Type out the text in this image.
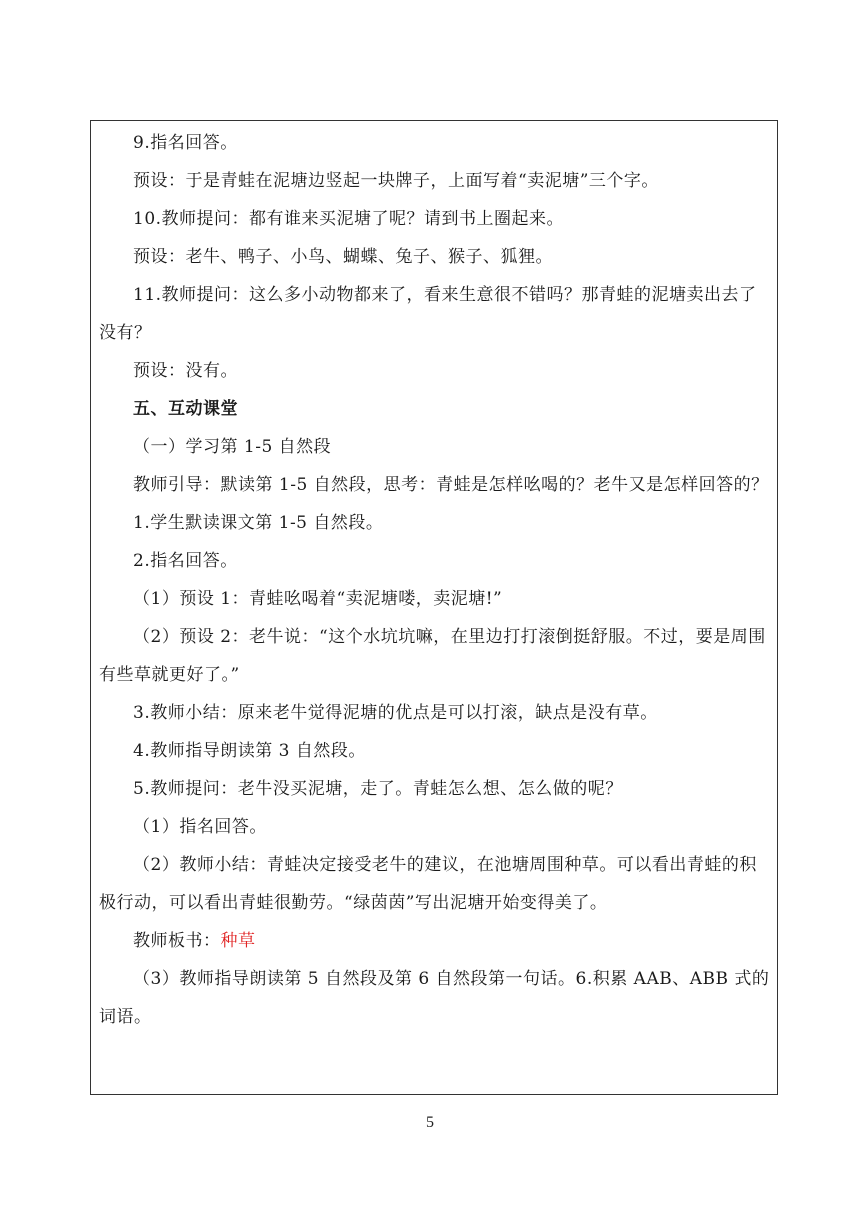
9.指名回答。

预设：于是青蛙在泥塘边竖起一块牌子，上面写着“卖泥塘”三个字。

10.教师提问：都有谁来买泥塘了呢？请到书上圈起来。

预设：老牛、鸭子、小鸟、蝴蝶、兔子、猴子、狐狸。

11.教师提问：这么多小动物都来了，看来生意很不错吗？那青蛙的泥塘卖出去了没有？

预设：没有。

五、互动课堂

（一）学习第 1-5 自然段

教师引导：默读第 1-5 自然段，思考：青蛙是怎样吆喝的？老牛又是怎样回答的？

1.学生默读课文第 1-5 自然段。

2.指名回答。

（1）预设 1：青蛙吆喝着“卖泥塘喽，卖泥塘!”

（2）预设 2：老牛说：“这个水坑坑嘛，在里边打打滚倒挺舒服。不过，要是周围有些草就更好了。”

3.教师小结：原来老牛觉得泥塘的优点是可以打滚，缺点是没有草。

4.教师指导朗读第 3 自然段。

5.教师提问：老牛没买泥塘，走了。青蛙怎么想、怎么做的呢？

（1）指名回答。

（2）教师小结：青蛙决定接受老牛的建议，在池塘周围种草。可以看出青蛙的积极行动，可以看出青蛙很勤劳。“绿茵茵”写出泥塘开始变得美了。

教师板书：种草

（3）教师指导朗读第 5 自然段及第 6 自然段第一句话。6.积累 AAB、ABB 式的词语。

5
